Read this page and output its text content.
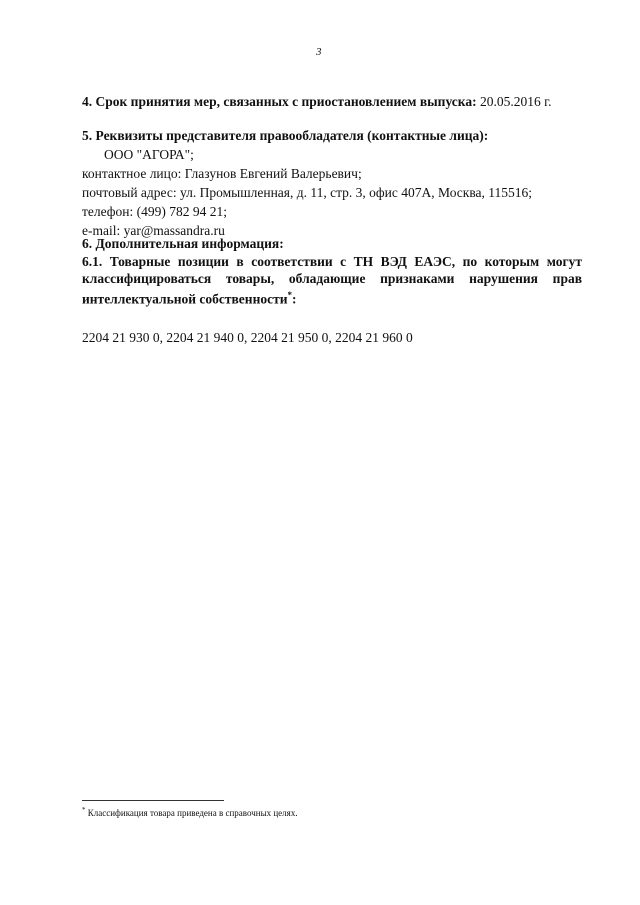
3
4. Срок принятия мер, связанных с приостановлением выпуска: 20.05.2016 г.
5. Реквизиты представителя правообладателя (контактные лица):
ООО "АГОРА";
контактное лицо: Глазунов Евгений Валерьевич;
почтовый адрес: ул. Промышленная, д. 11, стр. 3, офис 407А, Москва, 115516;
телефон: (499) 782 94 21;
e-mail: yar@massandra.ru
6. Дополнительная информация:
6.1. Товарные позиции в соответствии с ТН ВЭД ЕАЭС, по которым могут классифицироваться товары, обладающие признаками нарушения прав интеллектуальной собственности*:
2204 21 930 0, 2204 21 940 0, 2204 21 950 0, 2204 21 960 0
* Классификация товара приведена в справочных целях.
